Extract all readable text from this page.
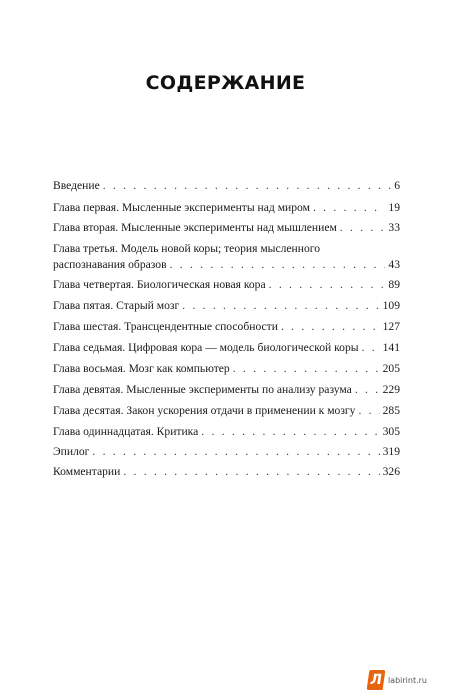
СОДЕРЖАНИЕ
Введение . . .	6
Глава первая. Мысленные эксперименты над миром . . .	19
Глава вторая. Мысленные эксперименты над мышлением . . .	33
Глава третья. Модель новой коры; теория мысленного
распознавания образов . . .	43
Глава четвертая. Биологическая новая кора . . .	89
Глава пятая. Старый мозг . . .	109
Глава шестая. Трансцендентные способности . . .	127
Глава седьмая. Цифровая кора — модель биологической коры . . . 141
Глава восьмая. Мозг как компьютер . . .	205
Глава девятая. Мысленные эксперименты по анализу разума . . .	229
Глава десятая. Закон ускорения отдачи в применении к мозгу . . . 285
Глава одиннадцатая. Критика . . .	305
Эпилог . . .	319
Комментарии . . .	326
Л labirint.ru
